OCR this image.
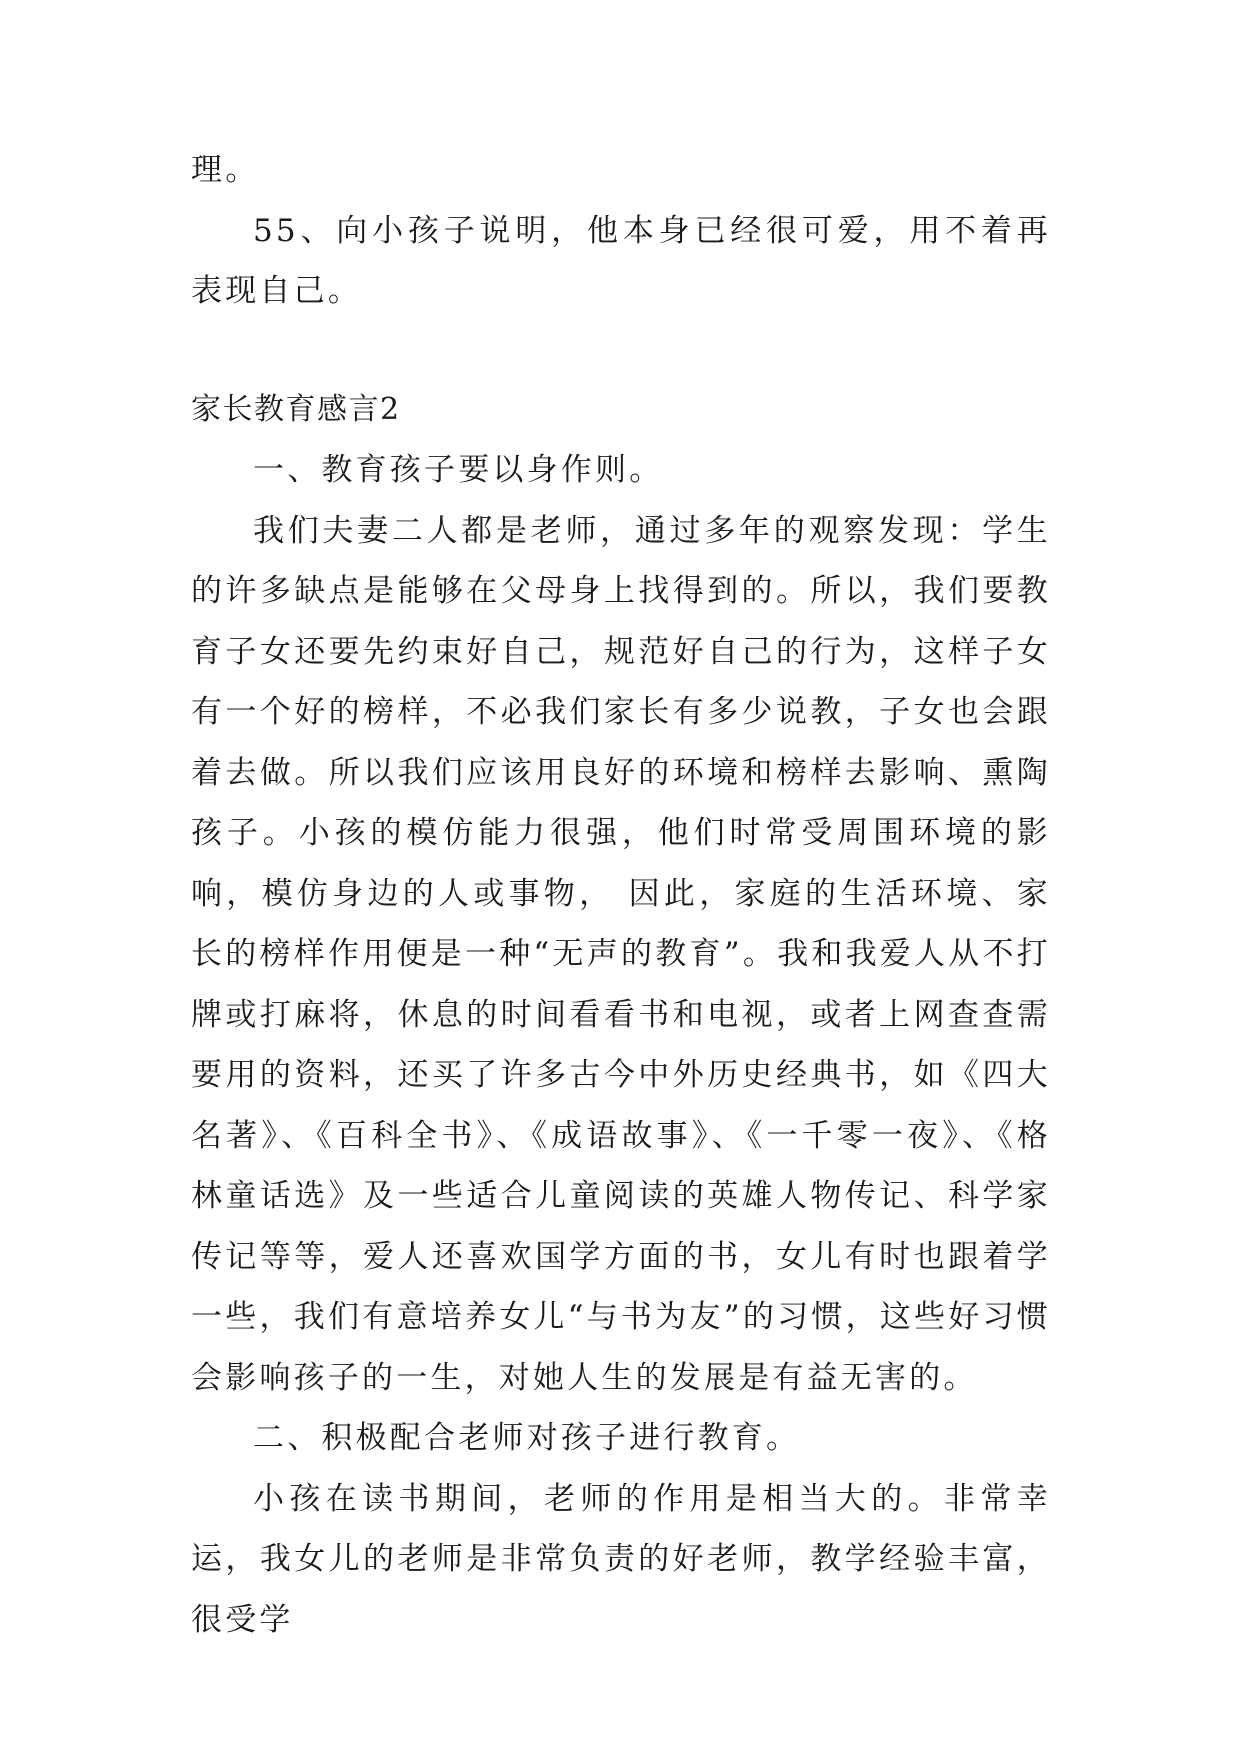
理。

55、向小孩子说明，他本身已经很可爱，用不着再表现自己。

家长教育感言2

一、教育孩子要以身作则。

我们夫妻二人都是老师，通过多年的观察发现：学生的许多缺点是能够在父母身上找得到的。所以，我们要教育子女还要先约束好自己，规范好自己的行为，这样子女有一个好的榜样，不必我们家长有多少说教，子女也会跟着去做。所以我们应该用良好的环境和榜样去影响、熏陶孩子。小孩的模仿能力很强，他们时常受周围环境的影响，模仿身边的人或事物， 因此，家庭的生活环境、家长的榜样作用便是一种“无声的教育”。我和我爱人从不打牌或打麻将，休息的时间看看书和电视，或者上网查查需要用的资料，还买了许多古今中外历史经典书，如《四大名著》、《百科全书》、《成语故事》、《一千零一夜》、《格林童话选》及一些适合儿童阅读的英雄人物传记、科学家传记等等，爱人还喜欢国学方面的书，女儿有时也跟着学一些，我们有意培养女儿“与书为友”的习惯，这些好习惯会影响孩子的一生，对她人生的发展是有益无害的。

二、积极配合老师对孩子进行教育。

小孩在读书期间，老师的作用是相当大的。非常幸运，我女儿的老师是非常负责的好老师，教学经验丰富，很受学
